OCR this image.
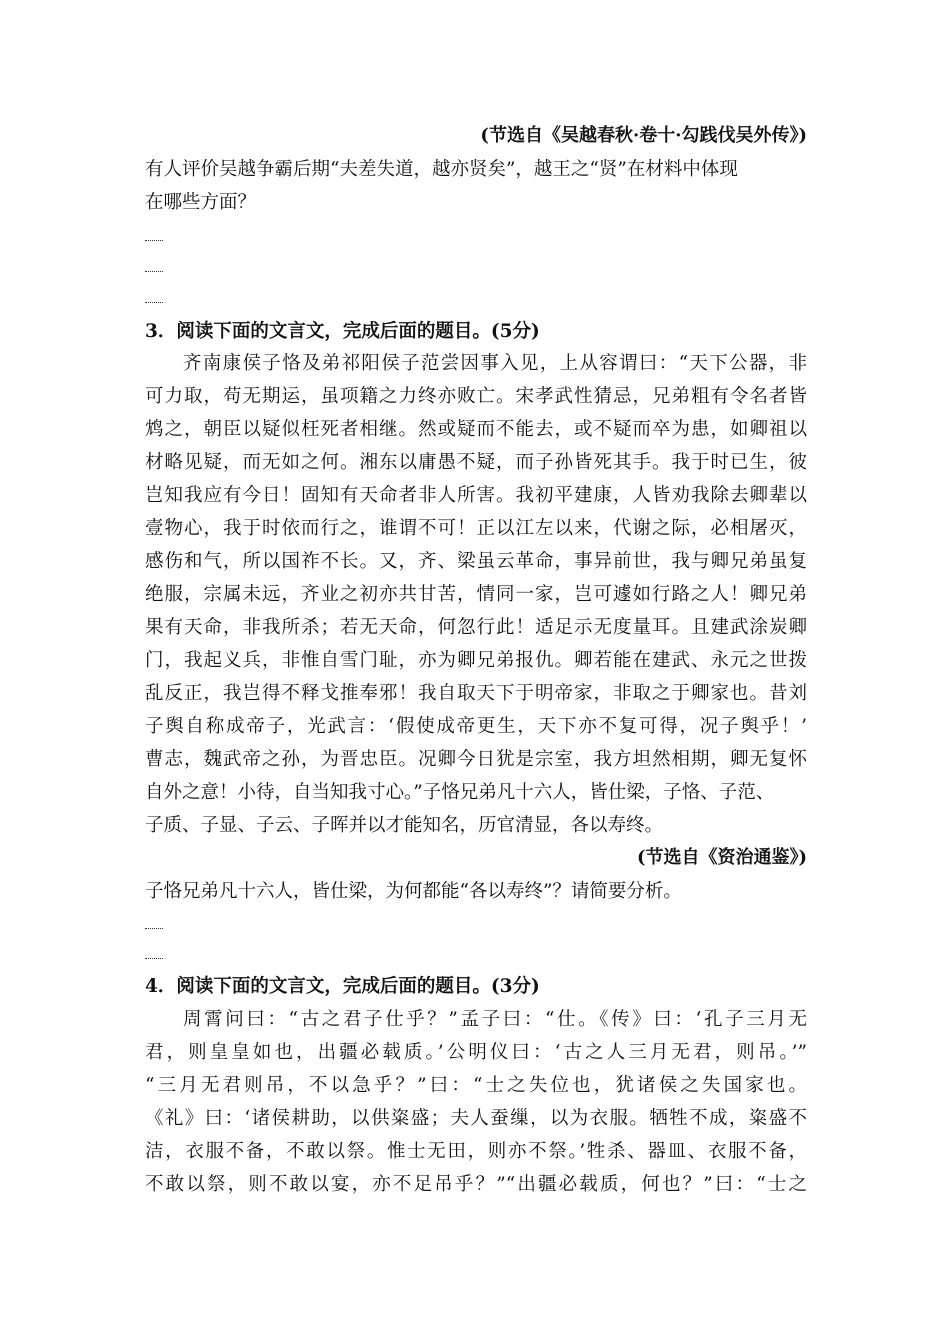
(节选自《吴越春秋·卷十·勾践伐吴外传》)
有人评价吴越争霸后期“夫差失道，越亦贤矣”，越王之“贤”在材料中体现
在哪些方面？
3．阅读下面的文言文，完成后面的题目。(5分)
齐南康侯子恪及弟祁阳侯子范尝因事入见，上从容谓曰：“天下公器，非
可力取，苟无期运，虽项籍之力终亦败亡。宋孝武性猜忌，兄弟粗有令名者皆
鸩之，朝臣以疑似枉死者相继。然或疑而不能去，或不疑而卒为患，如卿祖以
材略见疑，而无如之何。湘东以庸愚不疑，而子孙皆死其手。我于时已生，彼
岂知我应有今日！固知有天命者非人所害。我初平建康，人皆劝我除去卿辈以
壹物心，我于时依而行之，谁谓不可！正以江左以来，代谢之际，必相屠灭，
感伤和气，所以国祚不长。又，齐、梁虽云革命，事异前世，我与卿兄弟虽复
绝服，宗属未远，齐业之初亦共甘苦，情同一家，岂可遽如行路之人！卿兄弟
果有天命，非我所杀；若无天命，何忽行此！适足示无度量耳。且建武涂炭卿
门，我起义兵，非惟自雪门耻，亦为卿兄弟报仇。卿若能在建武、永元之世拨
乱反正，我岂得不释戈推奉邪！我自取天下于明帝家，非取之于卿家也。昔刘
子舆自称成帝子，光武言：‘假使成帝更生，天下亦不复可得，况子舆乎！’
曹志，魏武帝之孙，为晋忠臣。况卿今日犹是宗室，我方坦然相期，卿无复怀
自外之意！小待，自当知我寸心。”子恪兄弟凡十六人，皆仕梁，子恪、子范、
子质、子显、子云、子晖并以才能知名，历官清显，各以寿终。
(节选自《资治通鉴》)
子恪兄弟凡十六人，皆仕梁，为何都能“各以寿终”？请简要分析。
4．阅读下面的文言文，完成后面的题目。(3分)
周霄问曰：“古之君子仕乎？”孟子曰：“仕。《传》曰：‘孔子三月无
君，则皇皇如也，出疆必载质。’公明仪曰：‘古之人三月无君，则吊。’”
“三月无君则吊，不以急乎？”曰：“士之失位也，犹诸侯之失国家也。
《礼》曰：‘诸侯耕助，以供粢盛；夫人蚕缫，以为衣服。牺牲不成，粢盛不
洁，衣服不备，不敢以祭。惟士无田，则亦不祭。’牲杀、器皿、衣服不备，
不敢以祭，则不敢以宴，亦不足吊乎？”“出疆必载质，何也？”曰：“士之
